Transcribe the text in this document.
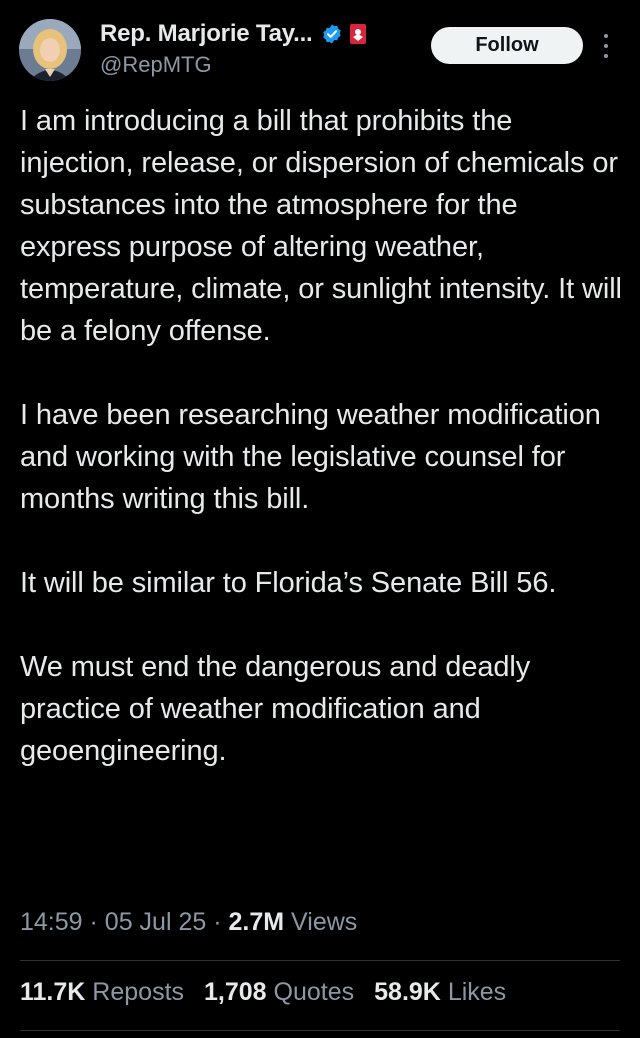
Rep. Marjorie Tay...
@RepMTG
Follow

I am introducing a bill that prohibits the injection, release, or dispersion of chemicals or substances into the atmosphere for the express purpose of altering weather, temperature, climate, or sunlight intensity. It will be a felony offense.

I have been researching weather modification and working with the legislative counsel for months writing this bill.

It will be similar to Florida’s Senate Bill 56.

We must end the dangerous and deadly practice of weather modification and geoengineering.

14:59 · 05 Jul 25 · 2.7M Views
11.7K Reposts 1,708 Quotes 58.9K Likes
